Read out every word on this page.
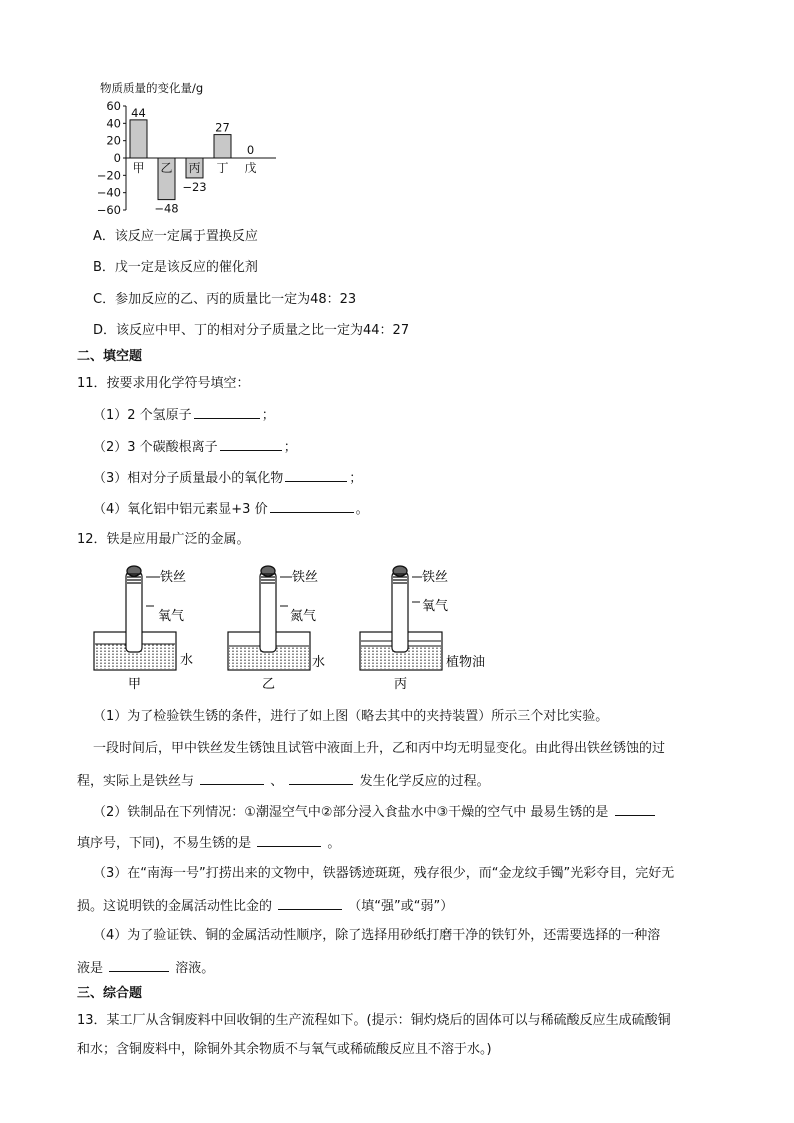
物质质量的变化量/g
60
40
20
0
−20
−40
−60
甲
44
乙
−48
丙
−23
丁
27
戊
0
A．该反应一定属于置换反应
B．戊一定是该反应的催化剂
C．参加反应的乙、丙的质量比一定为48：23
D．该反应中甲、丁的相对分子质量之比一定为44：27
二、填空题
11．按要求用化学符号填空：
（1）2 个氢原子	；
（2）3 个碳酸根离子	；
（3）相对分子质量最小的氧化物	；
（4）氧化铝中铝元素显+3 价	。
12．铁是应用最广泛的金属。
铁丝
氧气
水
甲
铁丝
氮气
水
乙
铁丝
氧气
植物油
丙
（1）为了检验铁生锈的条件，进行了如上图（略去其中的夹持装置）所示三个对比实验。
一段时间后，甲中铁丝发生锈蚀且试管中液面上升，乙和丙中均无明显变化。由此得出铁丝锈蚀的过
程，实际上是铁丝与	、	发生化学反应的过程。
（2）铁制品在下列情况：①潮湿空气中②部分浸入食盐水中③干燥的空气中 最易生锈的是
填序号，下同)，不易生锈的是	。
（3）在“南海一号”打捞出来的文物中，铁器锈迹斑斑，残存很少，而“金龙纹手镯”光彩夺目，完好无
损。这说明铁的金属活动性比金的	（填“强”或“弱”）
（4）为了验证铁、铜的金属活动性顺序，除了选择用砂纸打磨干净的铁钉外，还需要选择的一种溶
液是	溶液。
三、综合题
13．某工厂从含铜废料中回收铜的生产流程如下。(提示：铜灼烧后的固体可以与稀硫酸反应生成硫酸铜
和水；含铜废料中，除铜外其余物质不与氧气或稀硫酸反应且不溶于水。)
